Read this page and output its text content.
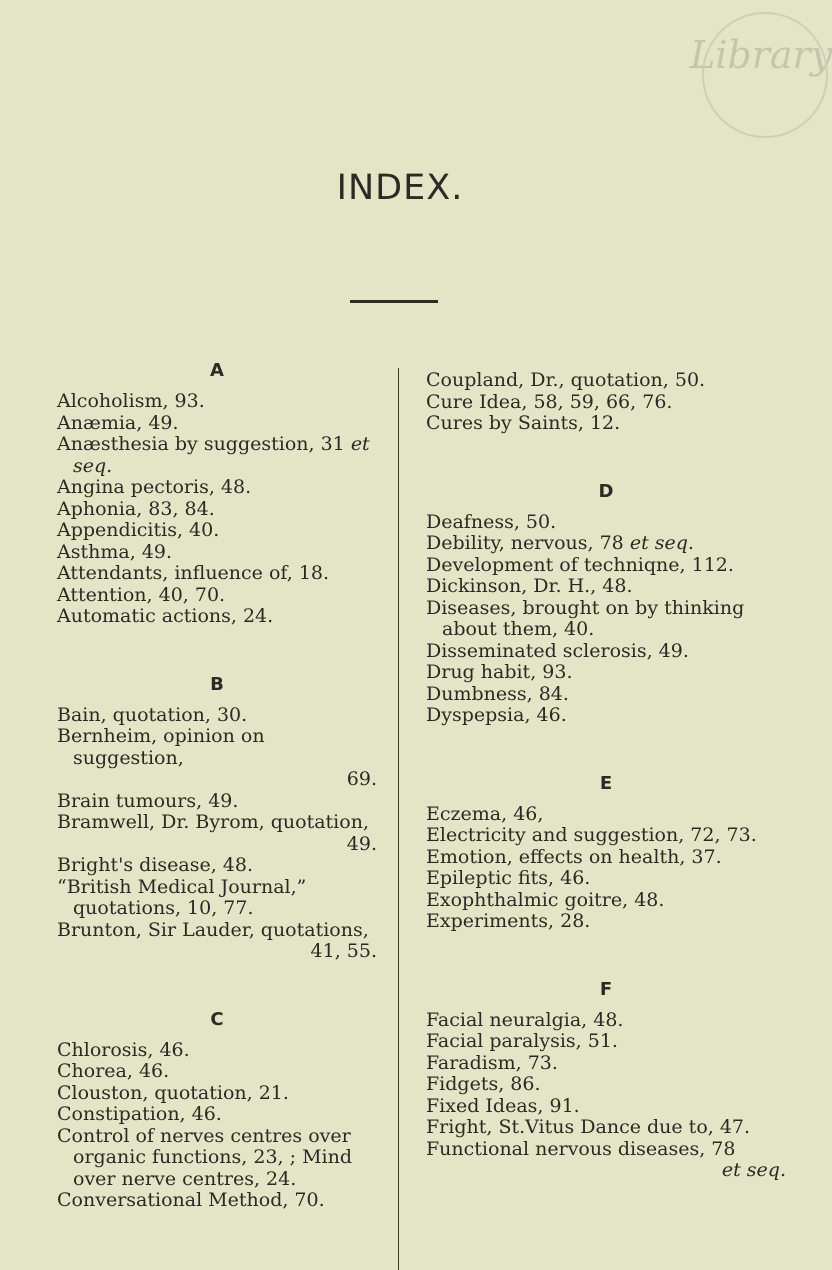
Library
INDEX.
A
Alcoholism, 93.
Anæmia, 49.
Anæsthesia by suggestion, 31 et seq.
Angina pectoris, 48.
Aphonia, 83, 84.
Appendicitis, 40.
Asthma, 49.
Attendants, influence of, 18.
Attention, 40, 70.
Automatic actions, 24.
B
Bain, quotation, 30.
Bernheim, opinion on suggestion,
69.
Brain tumours, 49.
Bramwell, Dr. Byrom, quotation,
49.
Bright's disease, 48.
“British Medical Journal,” quotations, 10, 77.
Brunton, Sir Lauder, quotations,
41, 55.
C
Chlorosis, 46.
Chorea, 46.
Clouston, quotation, 21.
Constipation, 46.
Control of nerves centres over organic functions, 23, ; Mind over nerve centres, 24.
Conversational Method, 70.
Coupland, Dr., quotation, 50.
Cure Idea, 58, 59, 66, 76.
Cures by Saints, 12.
D
Deafness, 50.
Debility, nervous, 78 et seq.
Development of techniqne, 112.
Dickinson, Dr. H., 48.
Diseases, brought on by thinking about them, 40.
Disseminated sclerosis, 49.
Drug habit, 93.
Dumbness, 84.
Dyspepsia, 46.
E
Eczema, 46,
Electricity and suggestion, 72, 73.
Emotion, effects on health, 37.
Epileptic fits, 46.
Exophthalmic goitre, 48.
Experiments, 28.
F
Facial neuralgia, 48.
Facial paralysis, 51.
Faradism, 73.
Fidgets, 86.
Fixed Ideas, 91.
Fright, St.Vitus Dance due to, 47.
Functional nervous diseases, 78
et seq.
